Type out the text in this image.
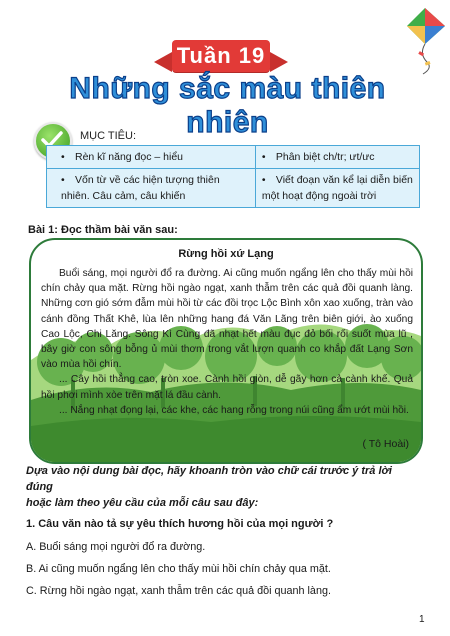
Tuần 19
Những sắc màu thiên nhiên
MỤC TIÊU:
• Rèn kĩ năng đọc – hiểu	• Phân biệt ch/tr; ưt/ưc
• Vốn từ về các hiện tượng thiên nhiên. Câu cảm, câu khiến	• Viết đoạn văn kể lại diễn biến một hoạt động ngoài trời
Bài 1: Đọc thầm bài văn sau:
Rừng hồi xứ Lạng

Buổi sáng, mọi người đổ ra đường. Ai cũng muốn ngẩng lên cho thấy mùi hồi chín chảy qua mặt. Rừng hồi ngào ngạt, xanh thẫm trên các quả đồi quanh làng. Những cơn gió sớm đẫm mùi hồi từ các đồi trọc Lộc Bình xôn xao xuống, tràn vào cánh đồng Thất Khê, lùa lên những hang đá Văn Lãng trên biên giới, ào xuống Cao Lộc, Chi Lăng. Sông Kì Cùng đã nhạt hết màu đục đỏ bối rối suốt mùa lũ , bây giờ con sông bỗng ủ mùi thơm trong vắt lượn quanh co khắp đất Lạng Sơn vào mùa hồi chín.

... Cây hồi thẳng cao, tròn xoe. Cành hồi giòn, dễ gãy hơn cả cành khế. Quả hồi phơi mình xòe trên mặt lá đầu cành.

... Nắng nhạt đọng lại, các khe, các hang rỗng trong núi cũng ẩm ướt mùi hồi.

( Tô Hoài)
Dựa vào nội dung bài đọc, hãy khoanh tròn vào chữ cái trước ý trả lời đúng
hoặc làm theo yêu cầu của mỗi câu sau đây:
1. Câu văn nào tả sự yêu thích hương hồi của mọi người ?
A. Buổi sáng mọi người đổ ra đường.
B. Ai cũng muốn ngẩng lên cho thấy mùi hồi chín chảy qua mặt.
C. Rừng hồi ngào ngạt, xanh thẫm trên các quả đồi quanh làng.
1
